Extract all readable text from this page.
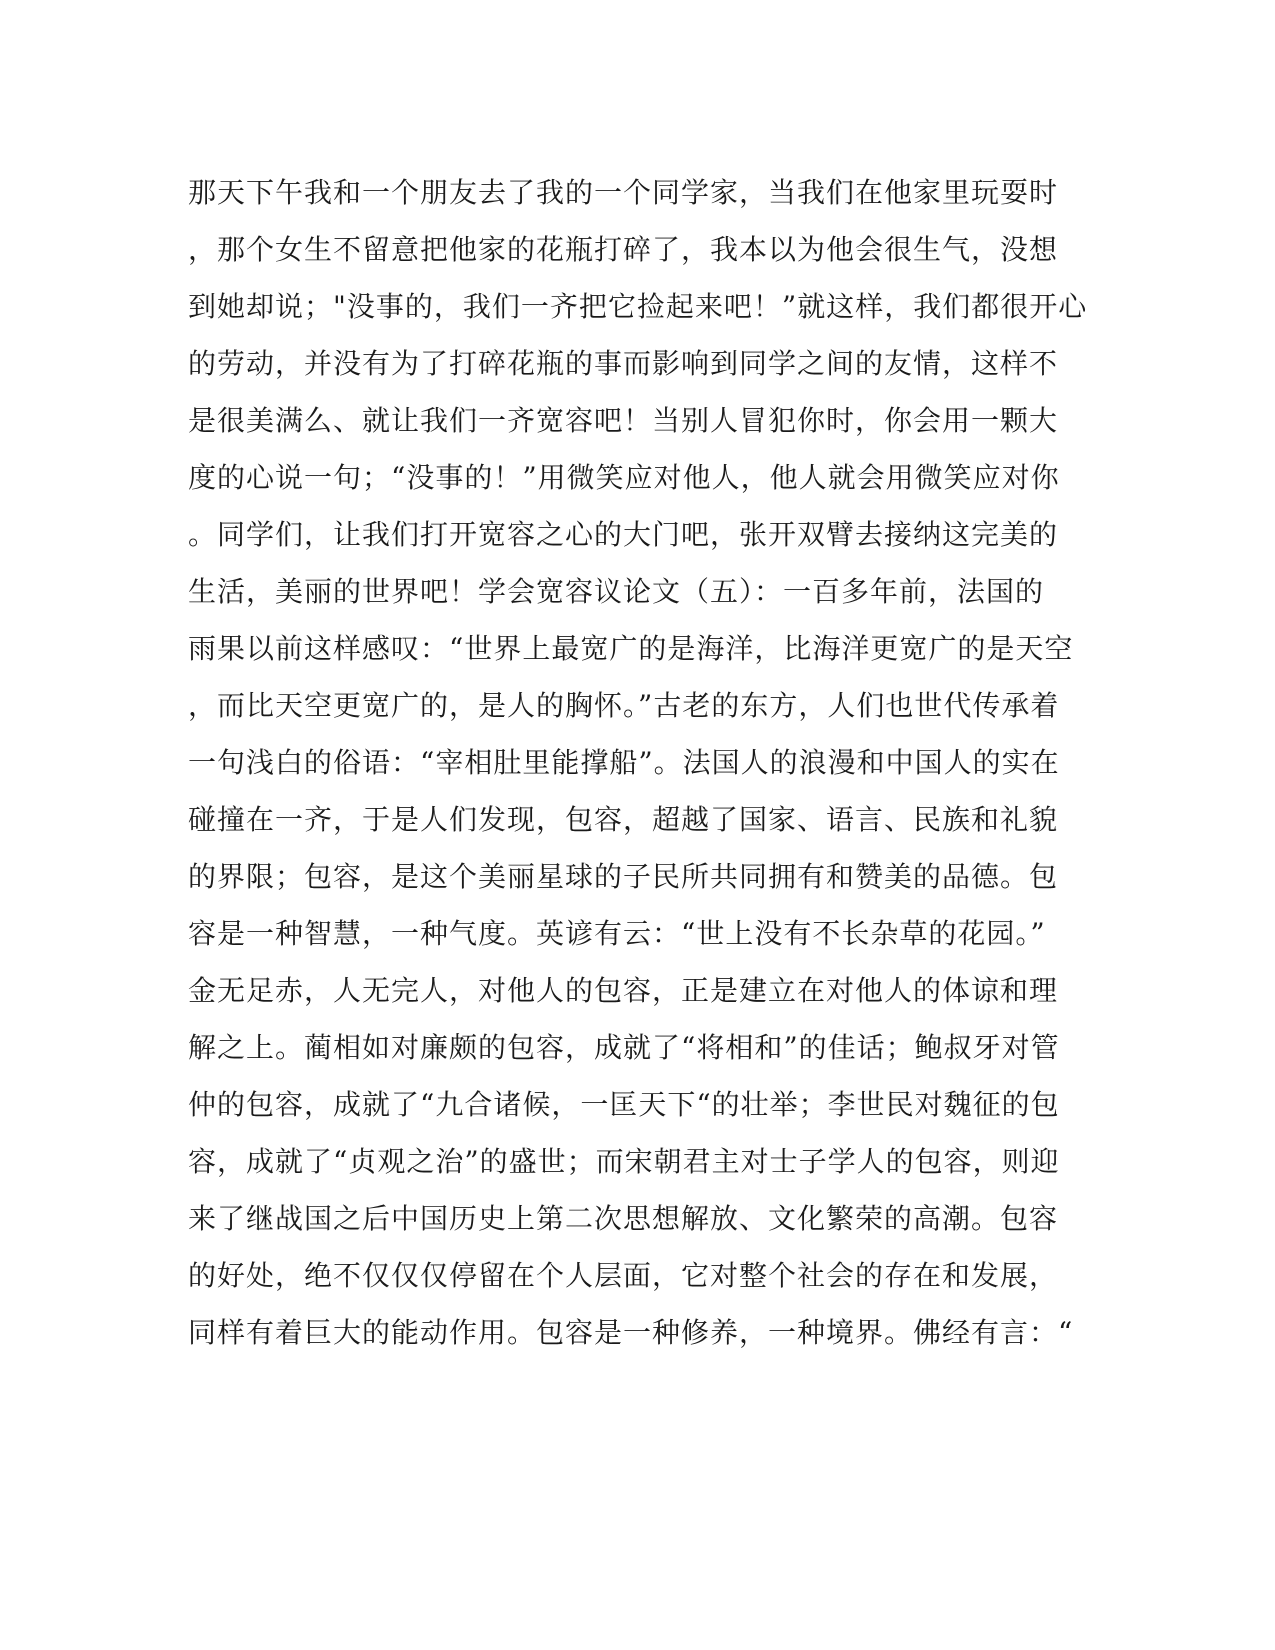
那天下午我和一个朋友去了我的一个同学家，当我们在他家里玩耍时
，那个女生不留意把他家的花瓶打碎了，我本以为他会很生气，没想
到她却说；"没事的，我们一齐把它捡起来吧！”就这样，我们都很开心
的劳动，并没有为了打碎花瓶的事而影响到同学之间的友情，这样不
是很美满么、就让我们一齐宽容吧！当别人冒犯你时，你会用一颗大
度的心说一句；“没事的！”用微笑应对他人，他人就会用微笑应对你
。同学们，让我们打开宽容之心的大门吧，张开双臂去接纳这完美的
生活，美丽的世界吧！学会宽容议论文（五）：一百多年前，法国的
雨果以前这样感叹：“世界上最宽广的是海洋，比海洋更宽广的是天空
，而比天空更宽广的，是人的胸怀。”古老的东方，人们也世代传承着
一句浅白的俗语：“宰相肚里能撑船”。法国人的浪漫和中国人的实在
碰撞在一齐，于是人们发现，包容，超越了国家、语言、民族和礼貌
的界限；包容，是这个美丽星球的子民所共同拥有和赞美的品德。包
容是一种智慧，一种气度。英谚有云：“世上没有不长杂草的花园。”
金无足赤，人无完人，对他人的包容，正是建立在对他人的体谅和理
解之上。蔺相如对廉颇的包容，成就了“将相和”的佳话；鲍叔牙对管
仲的包容，成就了“九合诸候，一匡天下“的壮举；李世民对魏征的包
容，成就了“贞观之治”的盛世；而宋朝君主对士子学人的包容，则迎
来了继战国之后中国历史上第二次思想解放、文化繁荣的高潮。包容
的好处，绝不仅仅仅停留在个人层面，它对整个社会的存在和发展，
同样有着巨大的能动作用。包容是一种修养，一种境界。佛经有言：“
